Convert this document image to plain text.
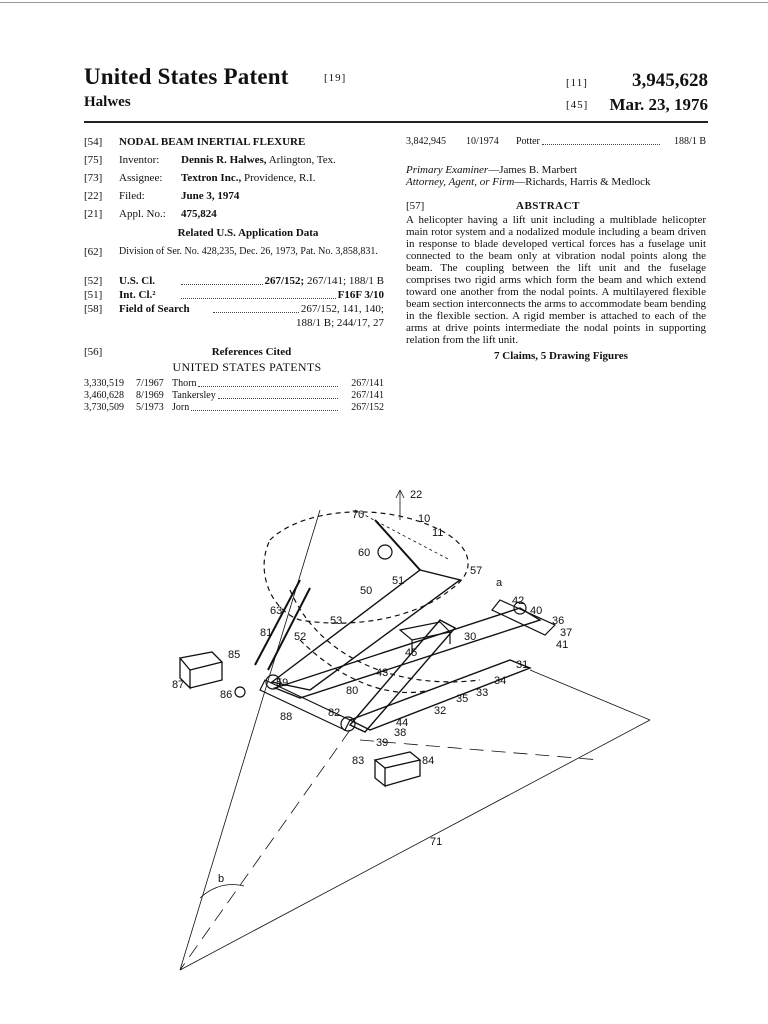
United States Patent	[19]
Halwes
[11] 3,945,628
[45] Mar. 23, 1976
[54]	NODAL BEAM INERTIAL FLEXURE
[75]	Inventor:	Dennis R. Halwes, Arlington, Tex.
[73]	Assignee:	Textron Inc., Providence, R.I.
[22]	Filed:	June 3, 1974
[21]	Appl. No.:	475,824
Related U.S. Application Data
[62]	Division of Ser. No. 428,235, Dec. 26, 1973, Pat. No. 3,858,831.
[52]	U.S. Cl.	267/152;
267/141; 188/1 B
[51]	Int. Cl.²	F16F 3/10
[58]	Field of Search	267/152, 141, 140;
188/1 B; 244/17, 27
[56]	References Cited
UNITED STATES PATENTS
3,330,519	7/1967 Thorn	267/141
3,460,628	8/1969 Tankersley	267/141
3,730,509	5/1973 Jorn	267/152
3,842,945	10/1974	Potter	188/1 B
Primary Examiner—James B. Marbert
Attorney, Agent, or Firm—Richards, Harris & Medlock
[57]	ABSTRACT
A helicopter having a lift unit including a multiblade helicopter main rotor system and a nodalized module including a beam driven in response to blade developed vertical forces has a fuselage unit connected to the beam only at vibration nodal points along the beam. The coupling between the lift unit and the fuselage comprises two rigid arms which form the beam and which extend toward one another from the nodal points. A multilayered flexible beam section interconnects the arms to accommodate beam bending in the flexible section. A rigid member is attached to each of the arms at drive points intermediate the nodal points in supporting relation from the lift unit.
7 Claims, 5 Drawing Figures
22
10
70
11
60
57
a
51
50
42
40
36
37
41
63
53
30
81 52
45
85
31
87
43
34
59
80	33
86	35
82	32
88	44
38
39
83	84
71
b
